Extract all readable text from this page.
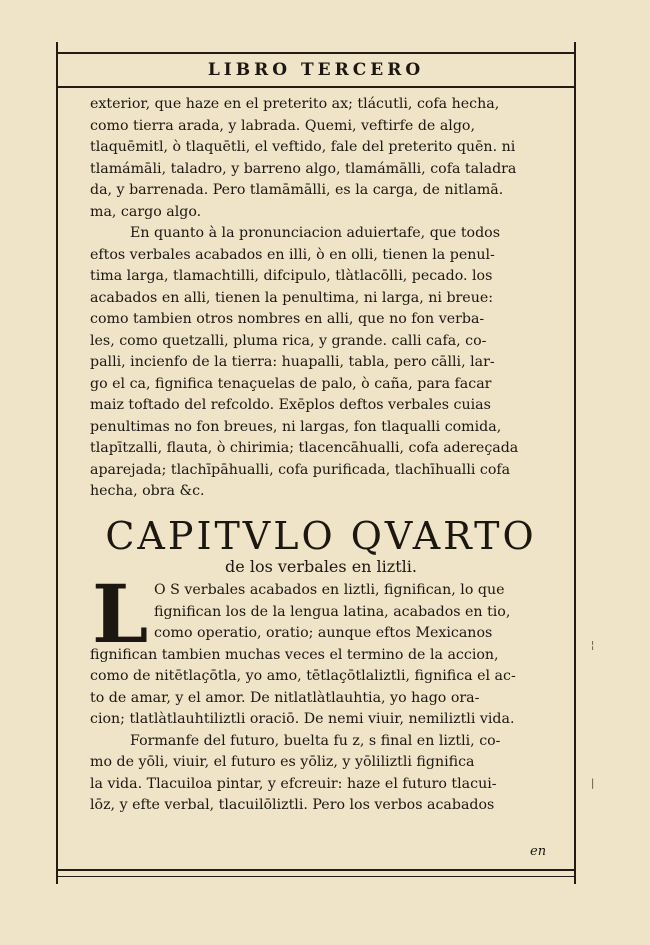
LIBRO TERCERO
exterior, que haze en el preterito ax; tlácutli, cofa hecha,
como tierra arada, y labrada. Quemi, veftirfe de algo,
tlaquēmitl, ò tlaquētli, el veftido, fale del preterito quēn. ni
tlamámāli, taladro, y barreno algo, tlamámālli, cofa taladra
da, y barrenada. Pero tlamāmālli, es la carga, de nitlamā.
ma, cargo algo.
En quanto à la pronunciacion aduiertafe, que todos
eftos verbales acabados en illi, ò en olli, tienen la penul-
tima larga, tlamachtilli, difcipulo, tlàtlacōlli, pecado. los
acabados en alli, tienen la penultima, ni larga, ni breue:
como tambien otros nombres en alli, que no fon verba-
les, como quetzalli, pluma rica, y grande. calli cafa, co-
palli, incienfo de la tierra: huapalli, tabla, pero cālli, lar-
go el ca, fignifica tenaçuelas de palo, ò caña, para facar
maiz toftado del refcoldo. Exēplos deftos verbales cuias
penultimas no fon breues, ni largas, fon tlaqualli comida,
tlapītzalli, flauta, ò chirimia; tlacencāhualli, cofa adereçada
aparejada; tlachīpāhualli, cofa purificada, tlachīhualli cofa
hecha, obra &c.
CAPITVLO QVARTO
de los verbales en liztli.
L O S verbales acabados en liztli, fignifican, lo que
fignifican los de la lengua latina, acabados en tio,
como operatio, oratio; aunque eftos Mexicanos
fignifican tambien muchas veces el termino de la accion,
como de nitētlaçōtla, yo amo, tētlaçōtlaliztli, fignifica el ac-
to de amar, y el amor. De nitlatlàtlauhtia, yo hago ora-
cion; tlatlàtlauhtiliztli oraciō. De nemi viuir, nemiliztli vida.
Formanfe del futuro, buelta fu z, s final en liztli, co-
mo de yōli, viuir, el futuro es yōliz, y yōliliztli fignifica
la vida. Tlacuiloa pintar, y efcreuir: haze el futuro tlacui-
lōz, y efte verbal, tlacuilōliztli. Pero los verbos acabados
en
¦
|
